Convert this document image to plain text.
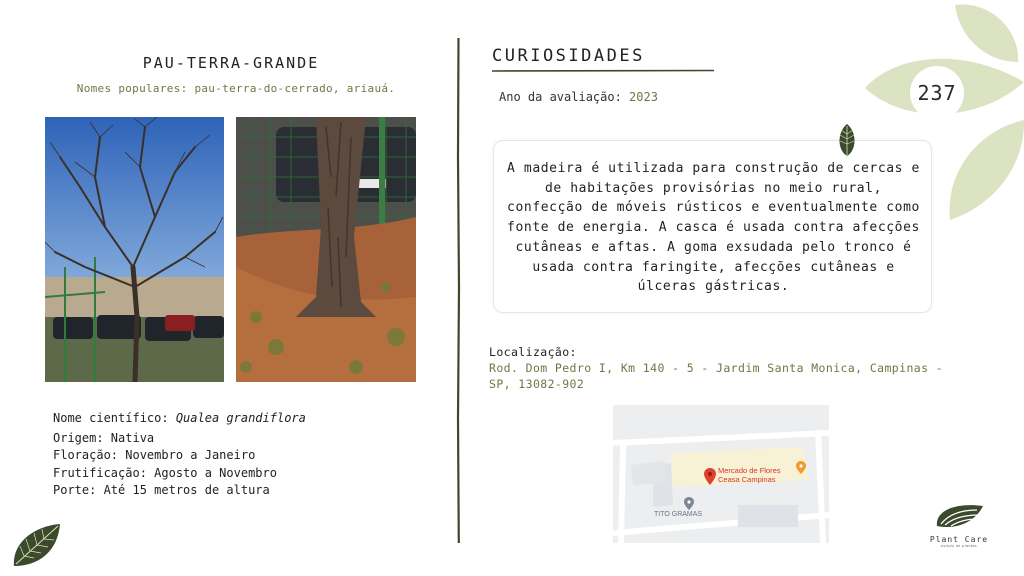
237
PAU-TERRA-GRANDE
Nomes populares: pau-terra-do-cerrado, ariauá.
Nome científico: Qualea grandiflora
Origem: Nativa
Floração: Novembro a Janeiro
Frutificação: Agosto a Novembro
Porte: Até 15 metros de altura
CURIOSIDADES
Ano da avaliação: 2023
A madeira é utilizada para construção de cercas e de habitações provisórias no meio rural, confecção de móveis rústicos e eventualmente como fonte de energia. A casca é usada contra afecções cutâneas e aftas. A goma exsudada pelo tronco é usada contra faringite, afecções cutâneas e úlceras gástricas.
Localização:
Rod. Dom Pedro I, Km 140 - 5 - Jardim Santa Monica, Campinas - SP, 13082-902
Mercado de Flores
Ceasa Campinas
TITO GRAMAS
Plant Care
estudo de plantas
